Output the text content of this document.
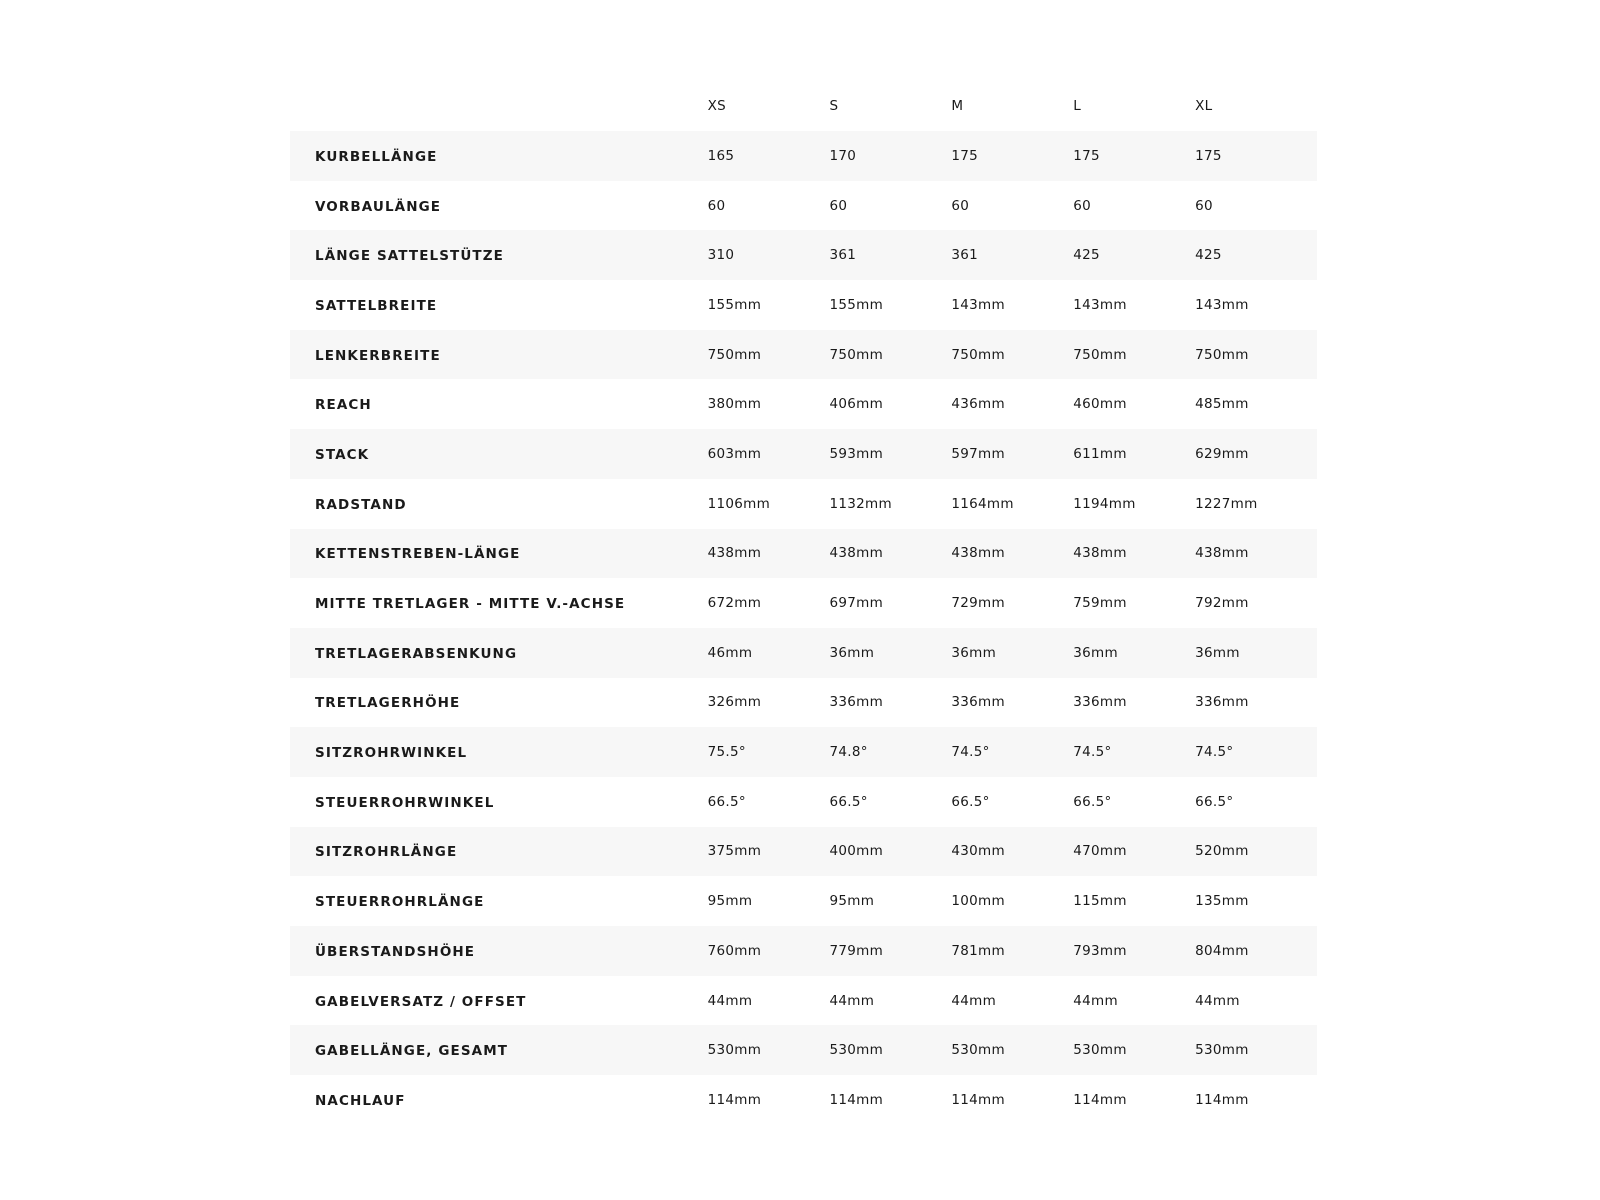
XS	S	M	L	XL
KURBELLÄNGE	165	170	175	175	175
VORBAULÄNGE	60	60	60	60	60
LÄNGE SATTELSTÜTZE	310	361	361	425	425
SATTELBREITE	155mm	155mm	143mm	143mm	143mm
LENKERBREITE	750mm	750mm	750mm	750mm	750mm
REACH	380mm	406mm	436mm	460mm	485mm
STACK	603mm	593mm	597mm	611mm	629mm
RADSTAND	1106mm	1132mm	1164mm	1194mm	1227mm
KETTENSTREBEN-LÄNGE	438mm	438mm	438mm	438mm	438mm
MITTE TRETLAGER - MITTE V.-ACHSE	672mm	697mm	729mm	759mm	792mm
TRETLAGERABSENKUNG	46mm	36mm	36mm	36mm	36mm
TRETLAGERHÖHE	326mm	336mm	336mm	336mm	336mm
SITZROHRWINKEL	75.5°	74.8°	74.5°	74.5°	74.5°
STEUERROHRWINKEL	66.5°	66.5°	66.5°	66.5°	66.5°
SITZROHRLÄNGE	375mm	400mm	430mm	470mm	520mm
STEUERROHRLÄNGE	95mm	95mm	100mm	115mm	135mm
ÜBERSTANDSHÖHE	760mm	779mm	781mm	793mm	804mm
GABELVERSATZ / OFFSET	44mm	44mm	44mm	44mm	44mm
GABELLÄNGE, GESAMT	530mm	530mm	530mm	530mm	530mm
NACHLAUF	114mm	114mm	114mm	114mm	114mm
